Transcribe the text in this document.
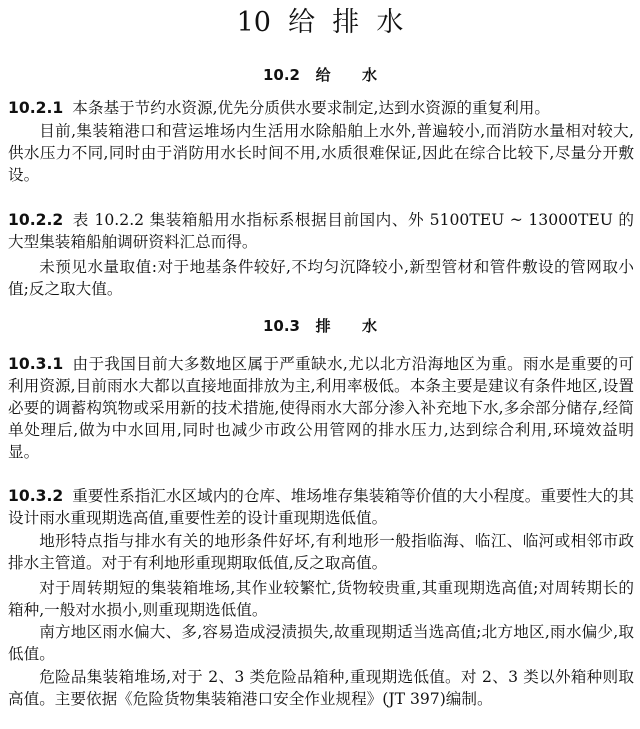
10  给  排  水
10.2   给      水
10.2.1 本条基于节约水资源,优先分质供水要求制定,达到水资源的重复利用。
目前,集装箱港口和营运堆场内生活用水除船舶上水外,普遍较小,而消防水量相对较大,供水压力不同,同时由于消防用水长时间不用,水质很难保证,因此在综合比较下,尽量分开敷设。
10.2.2 表 10.2.2 集装箱船用水指标系根据目前国内、外 5100TEU ~ 13000TEU 的大型集装箱船舶调研资料汇总而得。
未预见水量取值:对于地基条件较好,不均匀沉降较小,新型管材和管件敷设的管网取小值;反之取大值。
10.3   排      水
10.3.1 由于我国目前大多数地区属于严重缺水,尤以北方沿海地区为重。雨水是重要的可利用资源,目前雨水大都以直接地面排放为主,利用率极低。本条主要是建议有条件地区,设置必要的调蓄构筑物或采用新的技术措施,使得雨水大部分渗入补充地下水,多余部分储存,经简单处理后,做为中水回用,同时也减少市政公用管网的排水压力,达到综合利用,环境效益明显。
10.3.2 重要性系指汇水区域内的仓库、堆场堆存集装箱等价值的大小程度。重要性大的其设计雨水重现期选高值,重要性差的设计重现期选低值。
地形特点指与排水有关的地形条件好坏,有利地形一般指临海、临江、临河或相邻市政排水主管道。对于有利地形重现期取低值,反之取高值。
对于周转期短的集装箱堆场,其作业较繁忙,货物较贵重,其重现期选高值;对周转期长的箱种,一般对水损小,则重现期选低值。
南方地区雨水偏大、多,容易造成浸渍损失,故重现期适当选高值;北方地区,雨水偏少,取低值。
危险品集装箱堆场,对于 2、3 类危险品箱种,重现期选低值。对 2、3 类以外箱种则取高值。主要依据《危险货物集装箱港口安全作业规程》(JT 397)编制。
